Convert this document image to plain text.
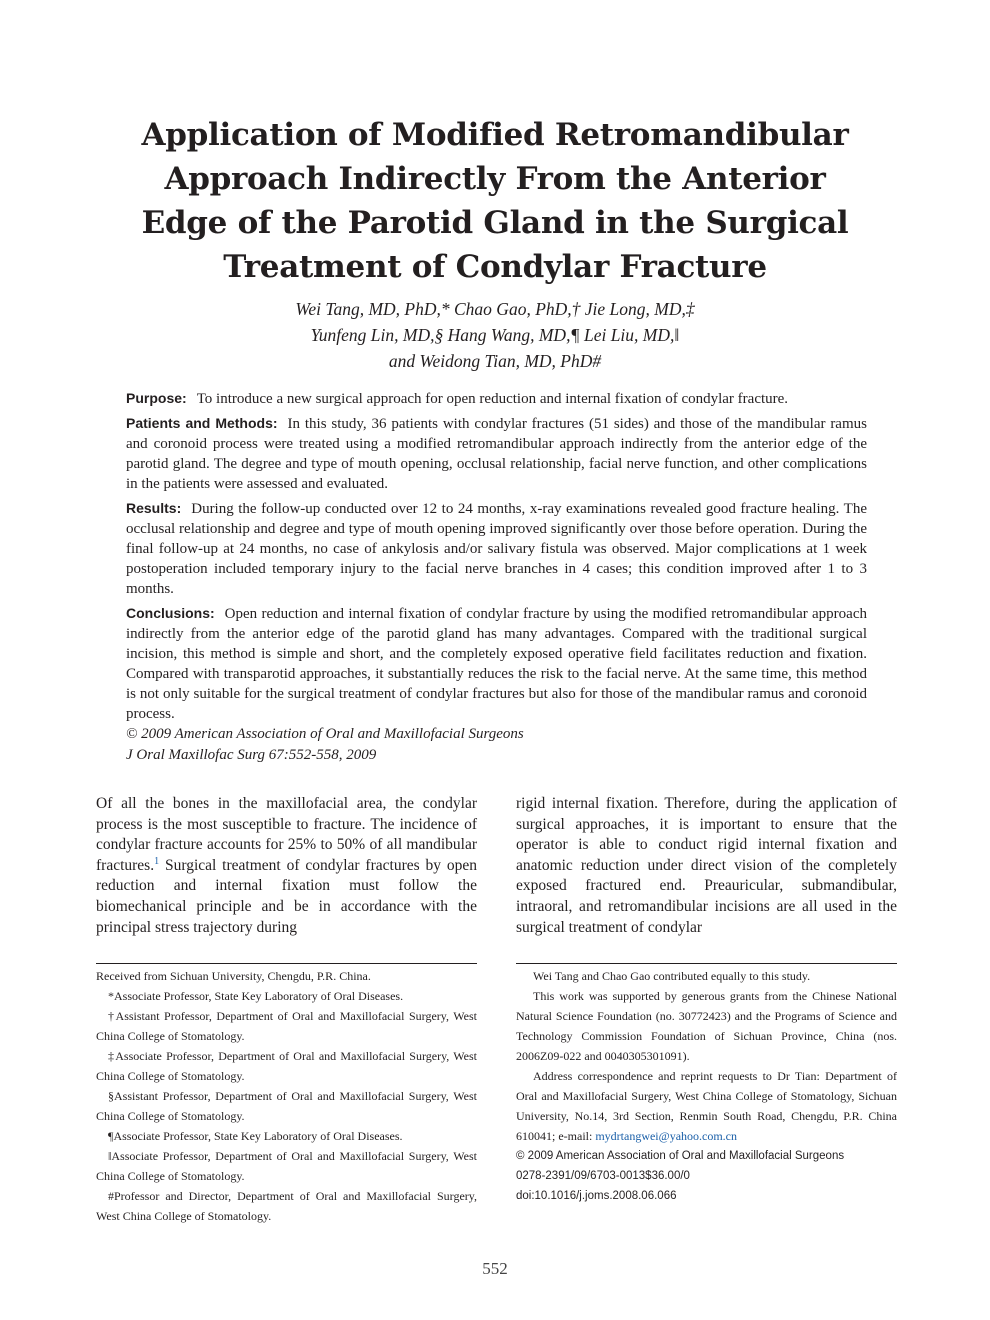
Application of Modified Retromandibular
Approach Indirectly From the Anterior
Edge of the Parotid Gland in the Surgical
Treatment of Condylar Fracture
Wei Tang, MD, PhD,* Chao Gao, PhD,† Jie Long, MD,‡
Yunfeng Lin, MD,§ Hang Wang, MD,¶ Lei Liu, MD,‖
and Weidong Tian, MD, PhD#

Purpose: To introduce a new surgical approach for open reduction and internal fixation of condylar fracture.

Patients and Methods: In this study, 36 patients with condylar fractures (51 sides) and those of the mandibular ramus and coronoid process were treated using a modified retromandibular approach indirectly from the anterior edge of the parotid gland. The degree and type of mouth opening, occlusal relationship, facial nerve function, and other complications in the patients were assessed and evaluated.

Results: During the follow-up conducted over 12 to 24 months, x-ray examinations revealed good fracture healing. The occlusal relationship and degree and type of mouth opening improved significantly over those before operation. During the final follow-up at 24 months, no case of ankylosis and/or salivary fistula was observed. Major complications at 1 week postoperation included temporary injury to the facial nerve branches in 4 cases; this condition improved after 1 to 3 months.

Conclusions: Open reduction and internal fixation of condylar fracture by using the modified retromandibular approach indirectly from the anterior edge of the parotid gland has many advantages. Compared with the traditional surgical incision, this method is simple and short, and the completely exposed operative field facilitates reduction and fixation. Compared with transparotid approaches, it substantially reduces the risk to the facial nerve. At the same time, this method is not only suitable for the surgical treatment of condylar fractures but also for those of the mandibular ramus and coronoid process.

© 2009 American Association of Oral and Maxillofacial Surgeons

J Oral Maxillofac Surg 67:552-558, 2009

Of all the bones in the maxillofacial area, the condylar process is the most susceptible to fracture. The incidence of condylar fracture accounts for 25% to 50% of all mandibular fractures.$^1$ Surgical treatment of condylar fractures by open reduction and internal fixation must follow the biomechanical principle and be in accordance with the principal stress trajectory during

rigid internal fixation. Therefore, during the application of surgical approaches, it is important to ensure that the operator is able to conduct rigid internal fixation and anatomic reduction under direct vision of the completely exposed fractured end. Preauricular, submandibular, intraoral, and retromandibular incisions are all used in the surgical treatment of condylar

Received from Sichuan University, Chengdu, P.R. China.

*Associate Professor, State Key Laboratory of Oral Diseases.

†Assistant Professor, Department of Oral and Maxillofacial Surgery, West China College of Stomatology.

‡Associate Professor, Department of Oral and Maxillofacial Surgery, West China College of Stomatology.

§Assistant Professor, Department of Oral and Maxillofacial Surgery, West China College of Stomatology.

¶Associate Professor, State Key Laboratory of Oral Diseases.

‖Associate Professor, Department of Oral and Maxillofacial Surgery, West China College of Stomatology.

#Professor and Director, Department of Oral and Maxillofacial Surgery, West China College of Stomatology.

Wei Tang and Chao Gao contributed equally to this study.

This work was supported by generous grants from the Chinese National Natural Science Foundation (no. 30772423) and the Programs of Science and Technology Commission Foundation of Sichuan Province, China (nos. 2006Z09-022 and 0040305301091).

Address correspondence and reprint requests to Dr Tian: Department of Oral and Maxillofacial Surgery, West China College of Stomatology, Sichuan University, No.14, 3rd Section, Renmin South Road, Chengdu, P.R. China 610041; e-mail: mydrtangwei@yahoo.com.cn

© 2009 American Association of Oral and Maxillofacial Surgeons

0278-2391/09/6703-0013$36.00/0

doi:10.1016/j.joms.2008.06.066

552
